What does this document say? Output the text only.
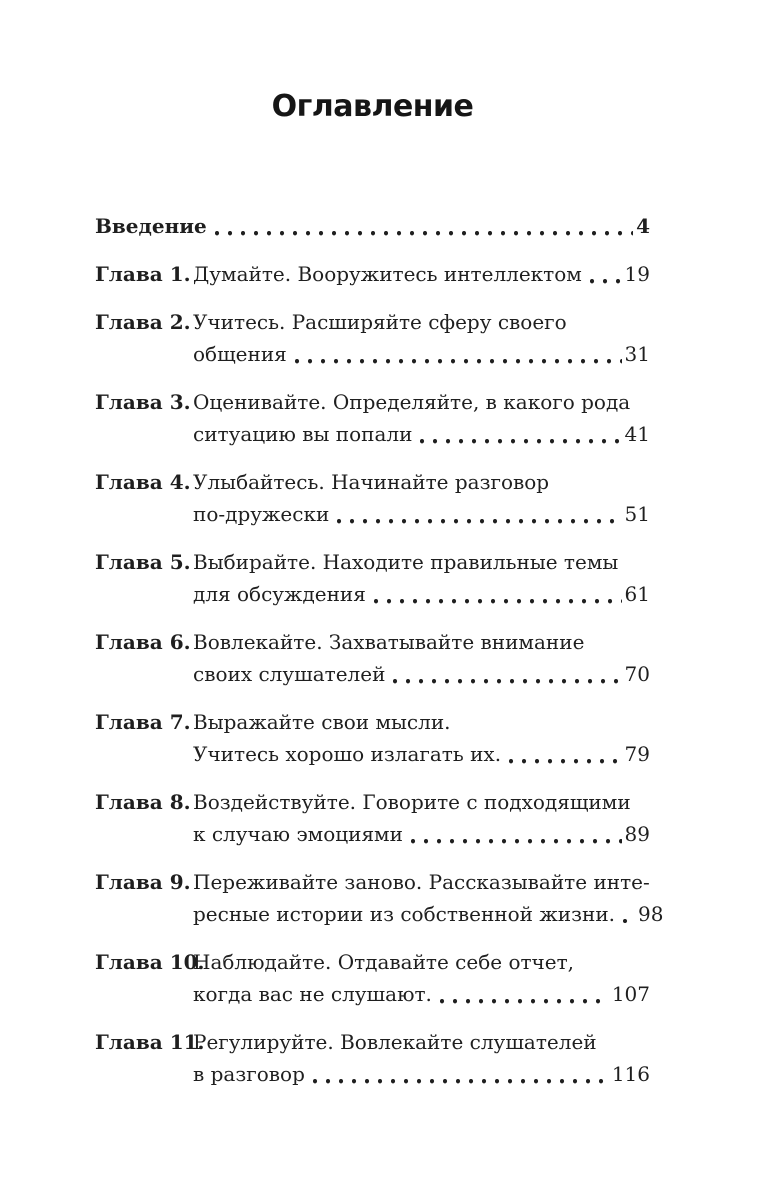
Оглавление
Введение	4
Глава 1. Думайте. Вооружитесь интеллектом 19
Глава 2. Учитесь. Расширяйте сферу своего
общения	31
Глава 3. Оценивайте. Определяйте, в какого рода
ситуацию вы попали	41
Глава 4. Улыбайтесь. Начинайте разговор
по-дружески	51
Глава 5. Выбирайте. Находите правильные темы
для обсуждения	61
Глава 6. Вовлекайте. Захватывайте внимание
своих слушателей	70
Глава 7. Выражайте свои мысли.
Учитесь хорошо излагать их.	79
Глава 8. Воздействуйте. Говорите с подходящими
к случаю эмоциями	89
Глава 9. Переживайте заново. Рассказывайте инте-
ресные истории из собственной жизни. 98
Глава 10.
Наблюдайте. Отдавайте себе отчет,
когда вас не слушают.	107
Глава 11.
Регулируйте. Вовлекайте слушателей
в разговор	116
